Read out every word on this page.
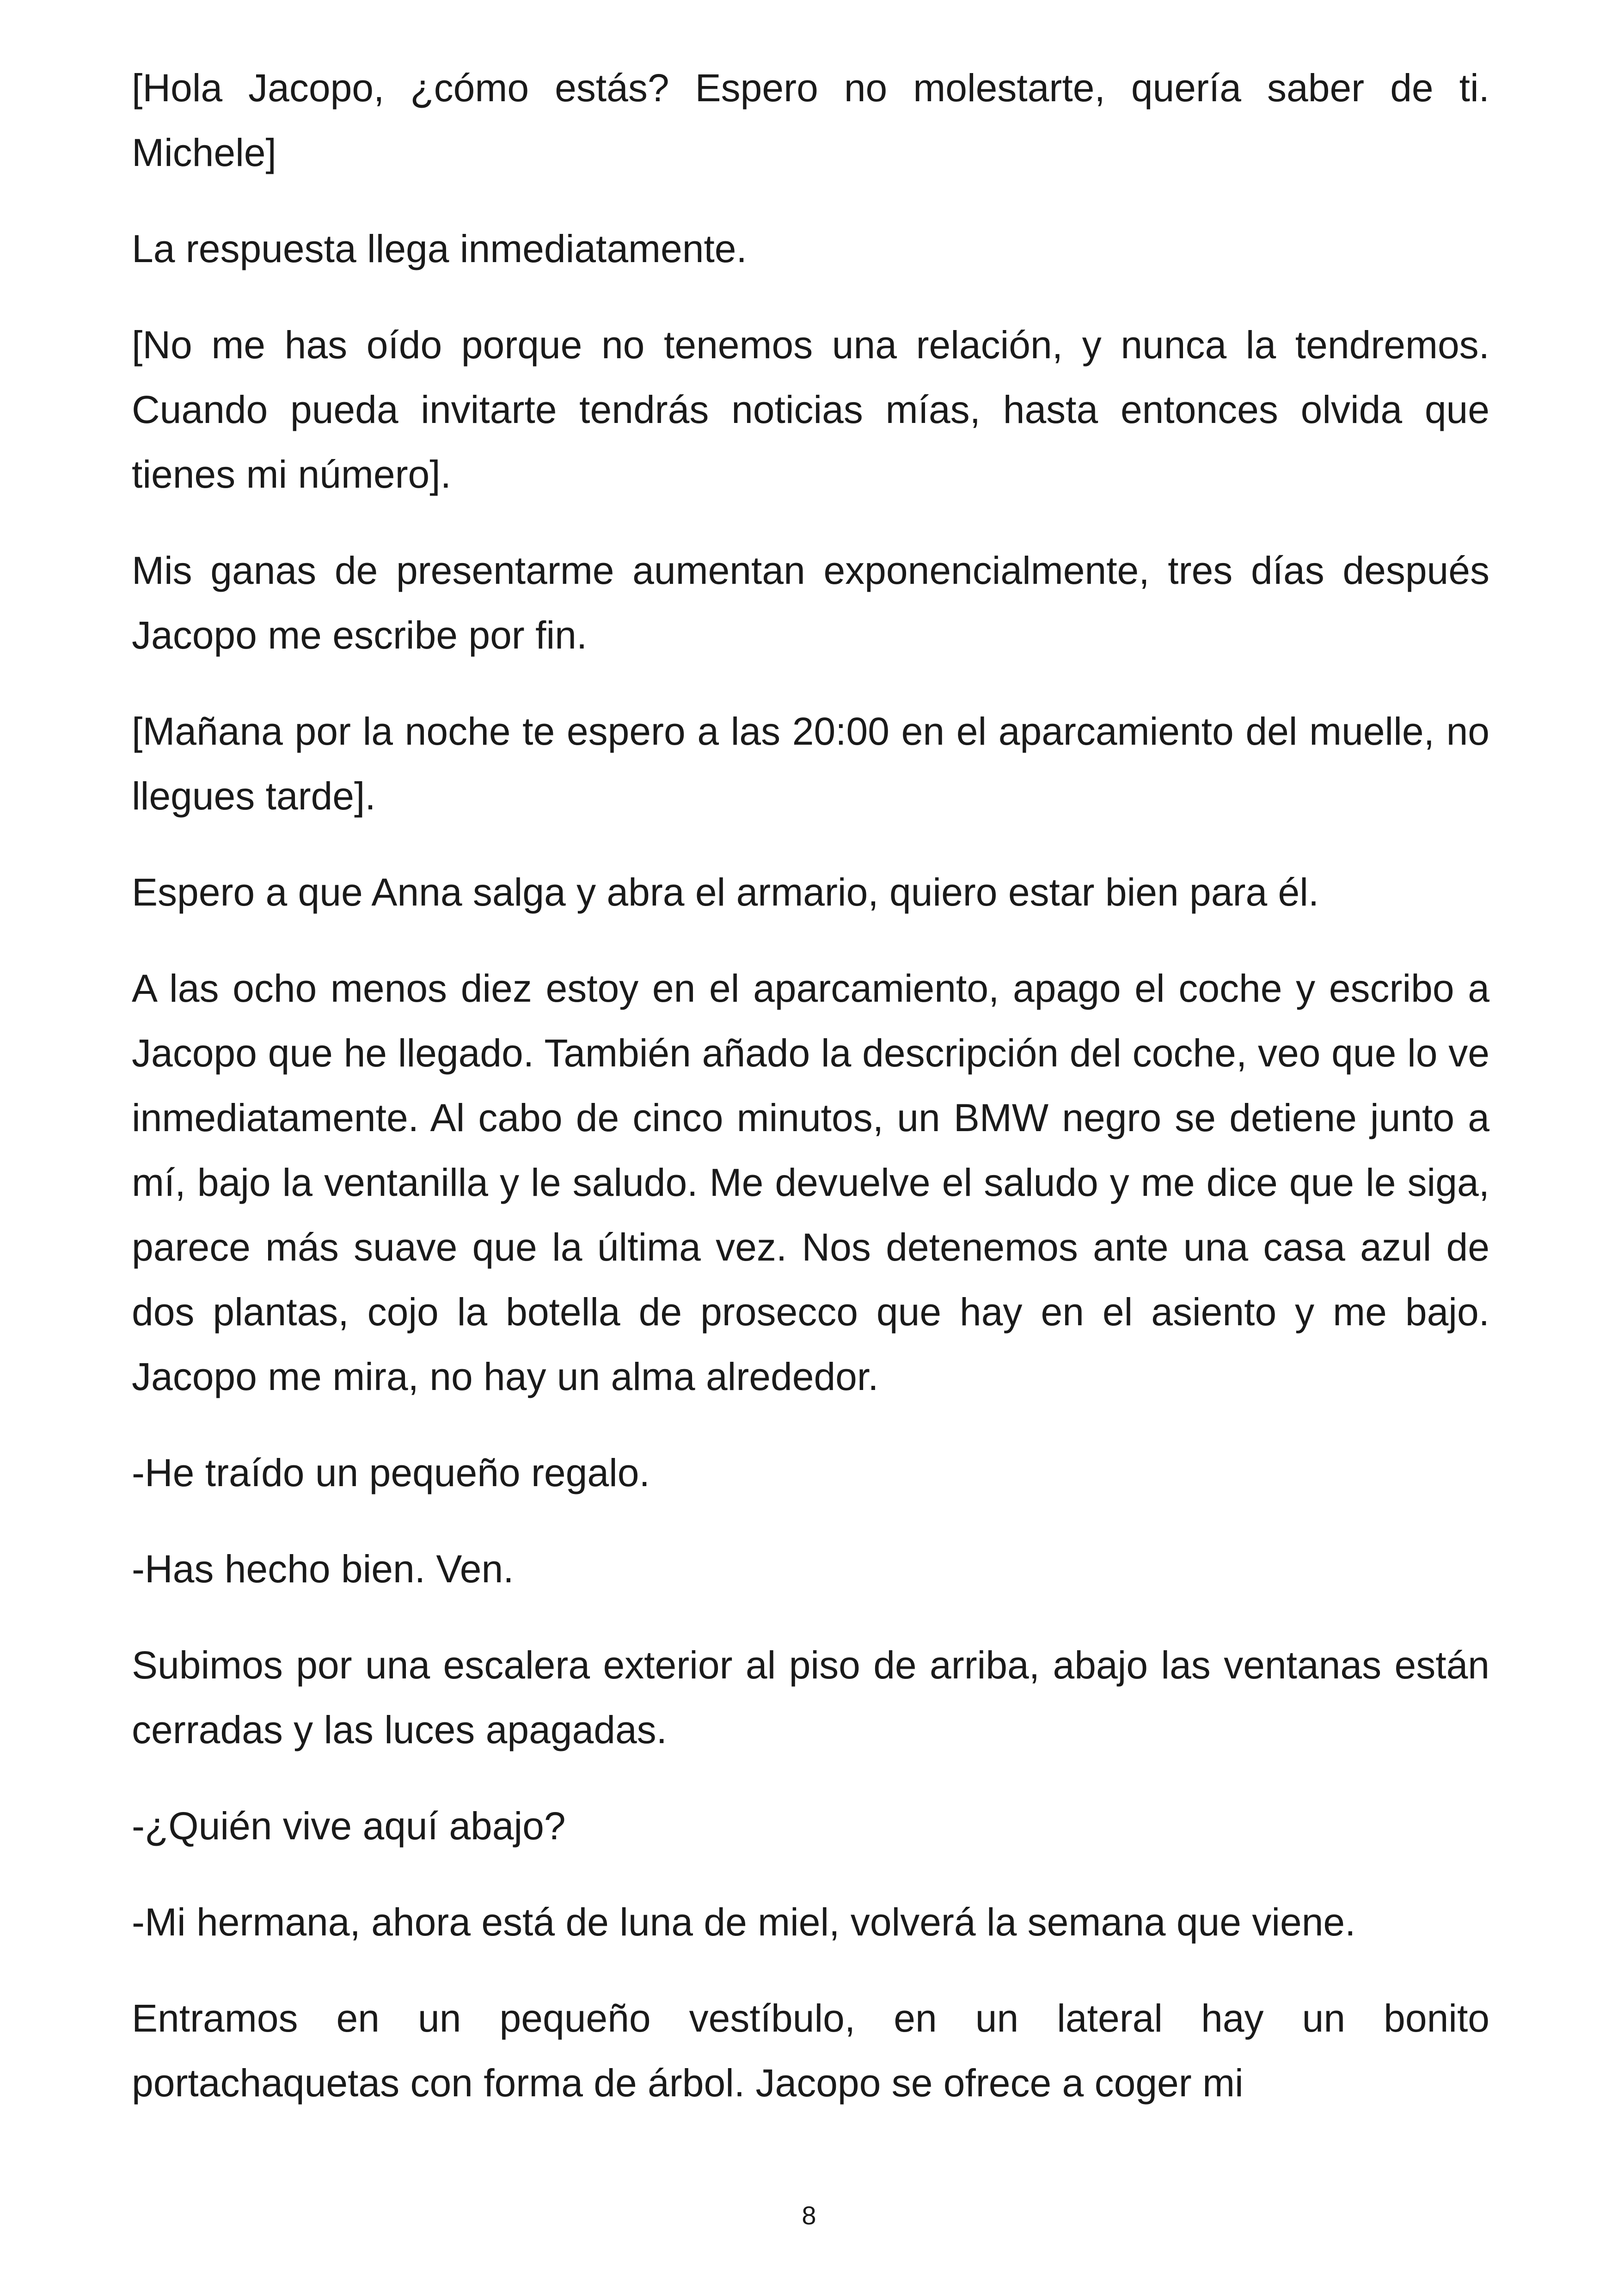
[Hola Jacopo, ¿cómo estás? Espero no molestarte, quería saber de ti. Michele]

La respuesta llega inmediatamente.

[No me has oído porque no tenemos una relación, y nunca la tendremos. Cuando pueda invitarte tendrás noticias mías, hasta entonces olvida que tienes mi número].

Mis ganas de presentarme aumentan exponencialmente, tres días después Jacopo me escribe por fin.

[Mañana por la noche te espero a las 20:00 en el aparcamiento del muelle, no llegues tarde].

Espero a que Anna salga y abra el armario, quiero estar bien para él.

A las ocho menos diez estoy en el aparcamiento, apago el coche y escribo a Jacopo que he llegado. También añado la descripción del coche, veo que lo ve inmediatamente. Al cabo de cinco minutos, un BMW negro se detiene junto a mí, bajo la ventanilla y le saludo. Me devuelve el saludo y me dice que le siga, parece más suave que la última vez. Nos detenemos ante una casa azul de dos plantas, cojo la botella de prosecco que hay en el asiento y me bajo. Jacopo me mira, no hay un alma alrededor.

-He traído un pequeño regalo.

-Has hecho bien. Ven.

Subimos por una escalera exterior al piso de arriba, abajo las ventanas están cerradas y las luces apagadas.

-¿Quién vive aquí abajo?

-Mi hermana, ahora está de luna de miel, volverá la semana que viene.

Entramos en un pequeño vestíbulo, en un lateral hay un bonito portachaquetas con forma de árbol. Jacopo se ofrece a coger mi

8
